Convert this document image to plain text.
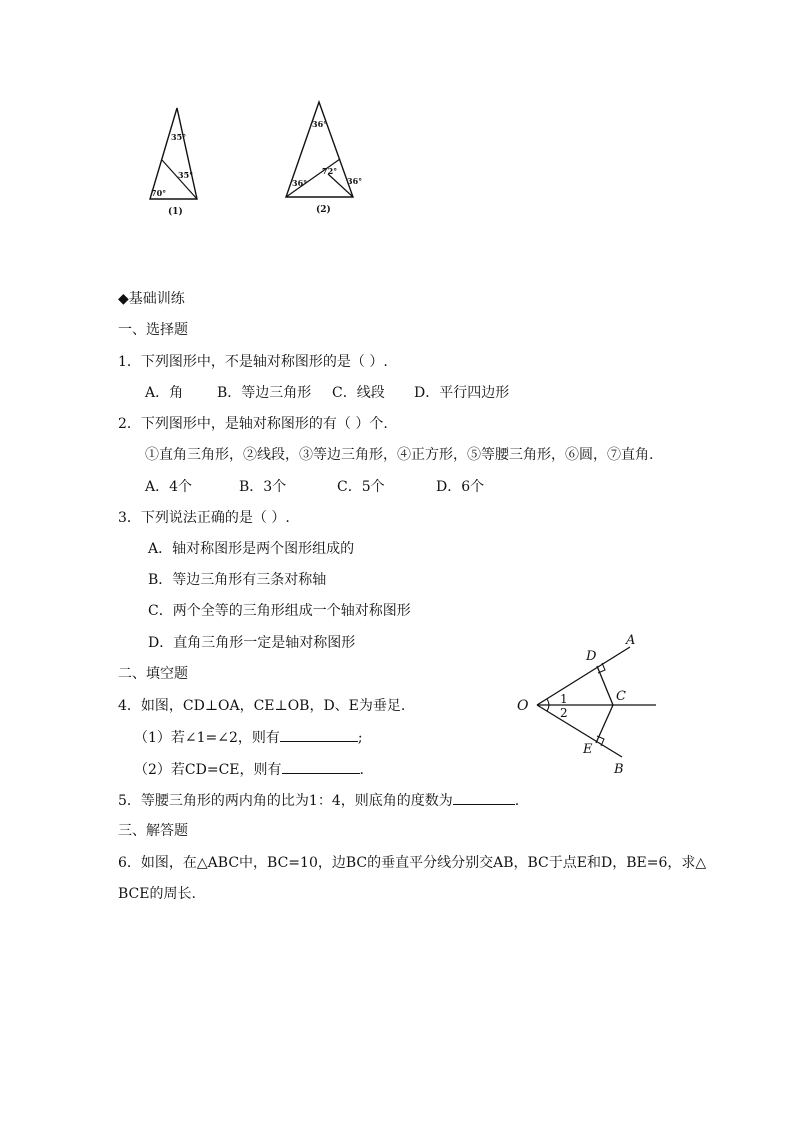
35°
35°
70°
(1)
36°
36°
72°
36°
(2)
◆基础训练
一、选择题
1．下列图形中，不是轴对称图形的是（ ）.
A．角 B．等边三角形 C．线段 D．平行四边形
2．下列图形中，是轴对称图形的有（ ）个.
①直角三角形，②线段，③等边三角形，④正方形，⑤等腰三角形，⑥圆，⑦直角.
A．4个	B．3个	C．5个	D．6个
3．下列说法正确的是（ ）.
A．轴对称图形是两个图形组成的
B．等边三角形有三条对称轴
C．两个全等的三角形组成一个轴对称图形
D．直角三角形一定是轴对称图形
二、填空题
4．如图，CD⊥OA，CE⊥OB，D、E为垂足.
（1）若∠1=∠2，则有	;
（2）若CD=CE，则有	.
5．等腰三角形的两内角的比为1：4，则底角的度数为	.
三、解答题
6．如图，在△ABC中，BC=10，边BC的垂直平分线分别交AB，BC于点E和D，BE=6，求△
BCE的周长.
O
A
D
C
E
B
1
2
